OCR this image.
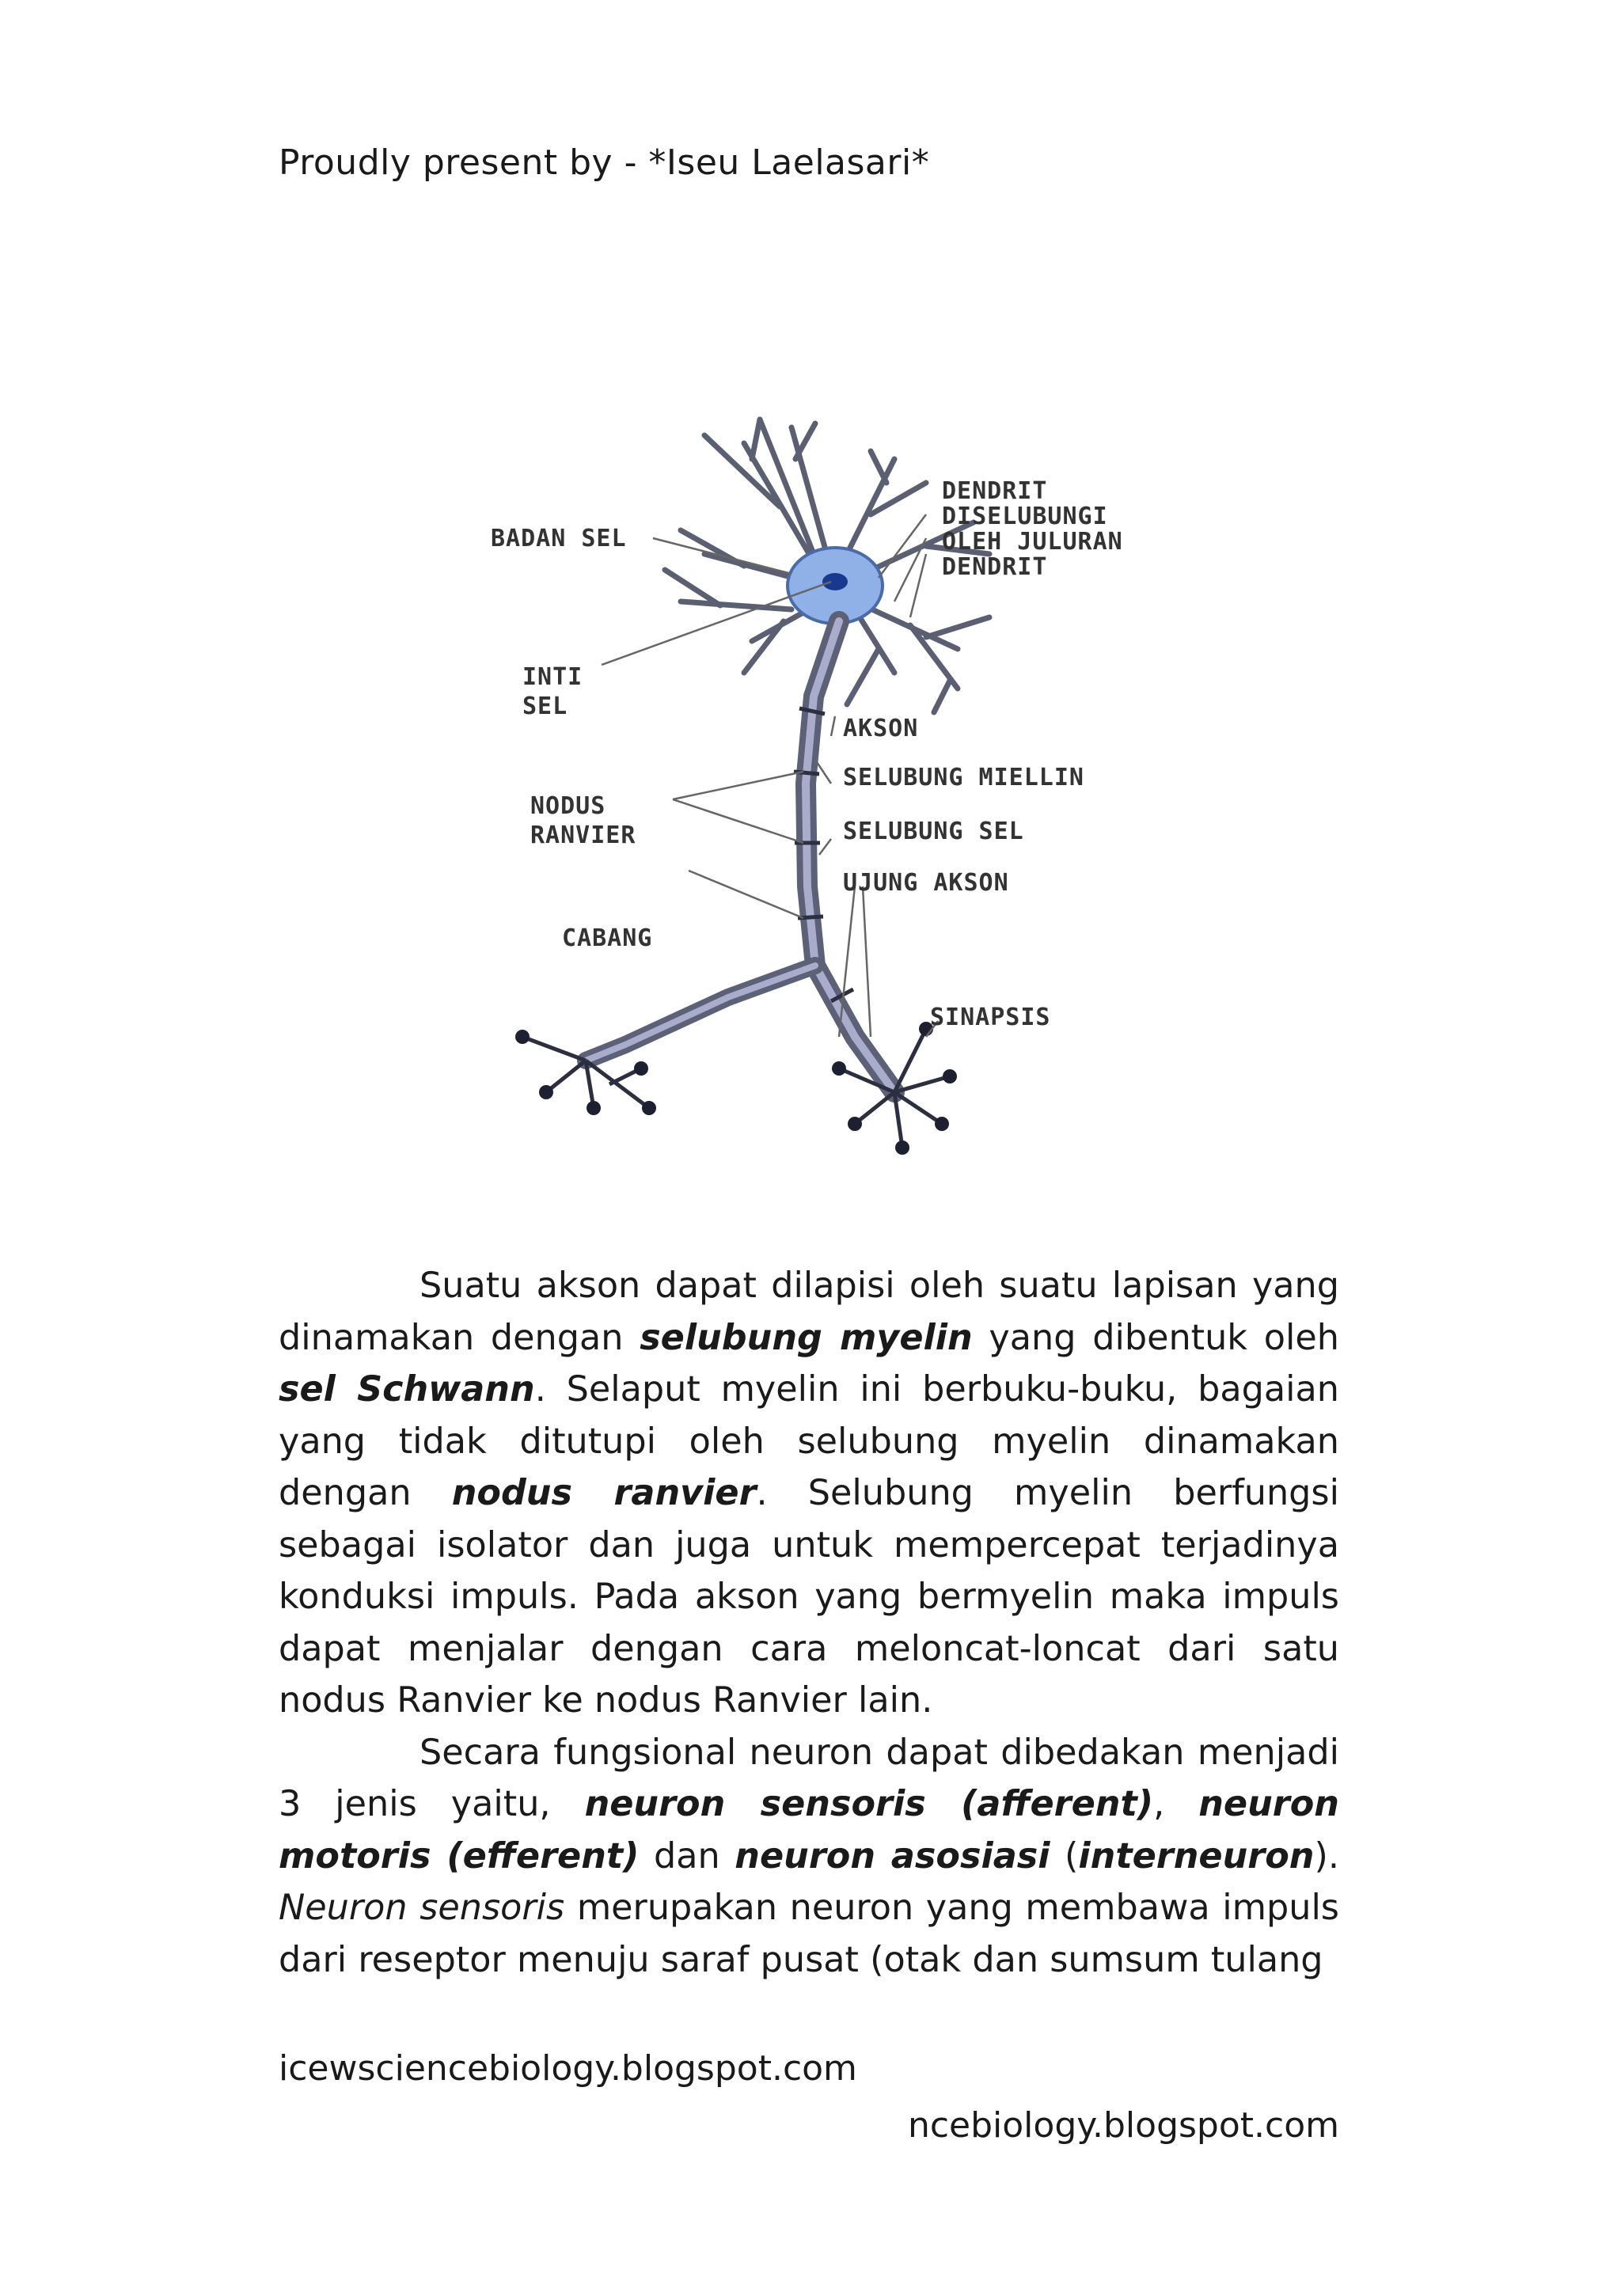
Proudly present by - *Iseu Laelasari*
BADAN SEL
DENDRIT
DISELUBUNGI
OLEH JULURAN
DENDRIT
INTI
SEL
AKSON
SELUBUNG MIELLIN
NODUS
RANVIER	SELUBUNG SEL
UJUNG AKSON
CABANG
SINAPSIS

Suatu akson dapat dilapisi oleh suatu lapisan yang dinamakan dengan selubung myelin yang dibentuk oleh sel Schwann. Selaput myelin ini berbuku-buku, bagaian yang tidak ditutupi oleh selubung myelin dinamakan dengan nodus ranvier. Selubung myelin berfungsi sebagai isolator dan juga untuk mempercepat terjadinya konduksi impuls. Pada akson yang bermyelin maka impuls dapat menjalar dengan cara meloncat-loncat dari satu nodus Ranvier ke nodus Ranvier lain.

Secara fungsional neuron dapat dibedakan menjadi 3 jenis yaitu, neuron sensoris (afferent), neuron motoris (efferent) dan neuron asosiasi (interneuron). Neuron sensoris merupakan neuron yang membawa impuls dari reseptor menuju saraf pusat (otak dan sumsum tulang

icewsciencebiology.blogspot.com
ncebiology.blogspot.com
